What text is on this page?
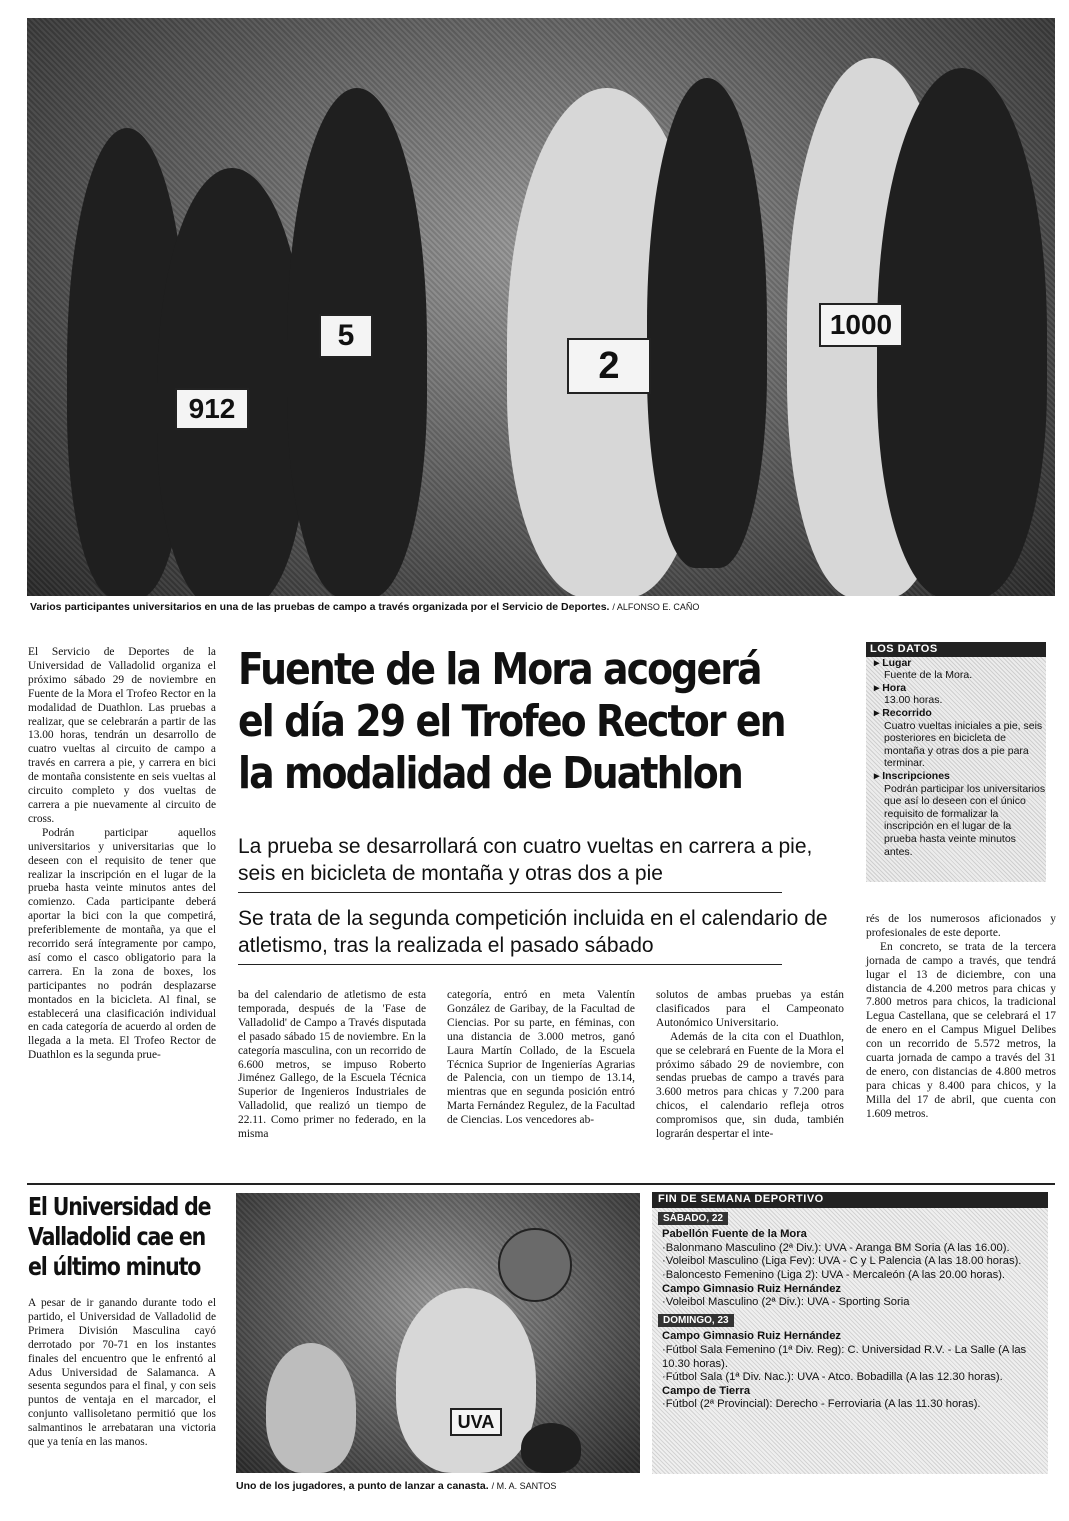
912
5
2
1000
Varios participantes universitarios en una de las pruebas de campo a través organizada por el Servicio de Deportes. / ALFONSO E. CAÑO

El Servicio de Deportes de la Universidad de Valladolid organiza el próximo sábado 29 de noviembre en Fuente de la Mora el Trofeo Rector en la modalidad de Duathlon. Las pruebas a realizar, que se celebrarán a partir de las 13.00 horas, tendrán un desarrollo de cuatro vueltas al circuito de campo a través en carrera a pie, y carrera en bici de montaña consistente en seis vueltas al circuito completo y dos vueltas de carrera a pie nuevamente al circuito de cross.

Podrán participar aquellos universitarios y universitarias que lo deseen con el requisito de tener que realizar la inscripción en el lugar de la prueba hasta veinte minutos antes del comienzo. Cada participante deberá aportar la bici con la que competirá, preferiblemente de montaña, ya que el recorrido será íntegramente por campo, así como el casco obligatorio para la carrera. En la zona de boxes, los participantes no podrán desplazarse montados en la bicicleta. Al final, se establecerá una clasificación individual en cada categoría de acuerdo al orden de llegada a la meta. El Trofeo Rector de Duathlon es la segunda prue-

Fuente de la Mora acogerá
el día 29 el Trofeo Rector en
la modalidad de Duathlon
La prueba se desarrollará con cuatro vueltas en carrera a pie, seis en bicicleta de montaña y otras dos a pie
Se trata de la segunda competición incluida en el calendario de atletismo, tras la realizada el pasado sábado
LOS DATOS
▸ Lugar
Fuente de la Mora.
▸ Hora
13.00 horas.
▸ Recorrido
Cuatro vueltas iniciales a pie, seis posteriores en bicicleta de montaña y otras dos a pie para terminar.
▸ Inscripciones
Podrán participar los universitarios que así lo deseen con el único requisito de formalizar la inscripción en el lugar de la prueba hasta veinte minutos antes.

ba del calendario de atletismo de esta temporada, después de la 'Fase de Valladolid' de Campo a Través disputada el pasado sábado 15 de noviembre. En la categoría masculina, con un recorrido de 6.600 metros, se impuso Roberto Jiménez Gallego, de la Escuela Técnica Superior de Ingenieros Industriales de Valladolid, que realizó un tiempo de 22.11. Como primer no federado, en la misma

categoría, entró en meta Valentín González de Garibay, de la Facultad de Ciencias. Por su parte, en féminas, con una distancia de 3.000 metros, ganó Laura Martín Collado, de la Escuela Técnica Suprior de Ingenierías Agrarias de Palencia, con un tiempo de 13.14, mientras que en segunda posición entró Marta Fernández Regulez, de la Facultad de Ciencias. Los vencedores ab-

solutos de ambas pruebas ya están clasificados para el Campeonato Autonómico Universitario.

Además de la cita con el Duathlon, que se celebrará en Fuente de la Mora el próximo sábado 29 de noviembre, con sendas pruebas de campo a través para 3.600 metros para chicas y 7.200 para chicos, el calendario refleja otros compromisos que, sin duda, también lograrán despertar el inte-

rés de los numerosos aficionados y profesionales de este deporte.

En concreto, se trata de la tercera jornada de campo a través, que tendrá lugar el 13 de diciembre, con una distancia de 4.200 metros para chicas y 7.800 metros para chicos, la tradicional Legua Castellana, que se celebrará el 17 de enero en el Campus Miguel Delibes con un recorrido de 5.572 metros, la cuarta jornada de campo a través del 31 de enero, con distancias de 4.800 metros para chicas y 8.400 para chicos, y la Milla del 17 de abril, que cuenta con 1.609 metros.

El Universidad de
Valladolid cae en
el último minuto

A pesar de ir ganando durante todo el partido, el Universidad de Valladolid de Primera División Masculina cayó derrotado por 70-71 en los instantes finales del encuentro que le enfrentó al Adus Universidad de Salamanca. A sesenta segundos para el final, y con seis puntos de ventaja en el marcador, el conjunto vallisoletano permitió que los salmantinos le arrebataran una victoria que ya tenía en las manos.

UVA
Uno de los jugadores, a punto de lanzar a canasta. / M. A. SANTOS
FIN DE SEMANA DEPORTIVO
SÁBADO, 22
Pabellón Fuente de la Mora
·Balonmano Masculino (2ª Div.): UVA - Aranga BM Soria (A las 16.00).
·Voleibol Masculino (Liga Fev): UVA - C y L Palencia (A las 18.00 horas).
·Baloncesto Femenino (Liga 2): UVA - Mercaleón (A las 20.00 horas).
Campo Gimnasio Ruiz Hernández
·Voleibol Masculino (2ª Div.): UVA - Sporting Soria
DOMINGO, 23
Campo Gimnasio Ruiz Hernández
·Fútbol Sala Femenino (1ª Div. Reg): C. Universidad R.V. - La Salle (A las 10.30 horas).
·Fútbol Sala (1ª Div. Nac.): UVA - Atco. Bobadilla (A las 12.30 horas).
Campo de Tierra
·Fútbol (2ª Provincial): Derecho - Ferroviaria (A las 11.30 horas).
